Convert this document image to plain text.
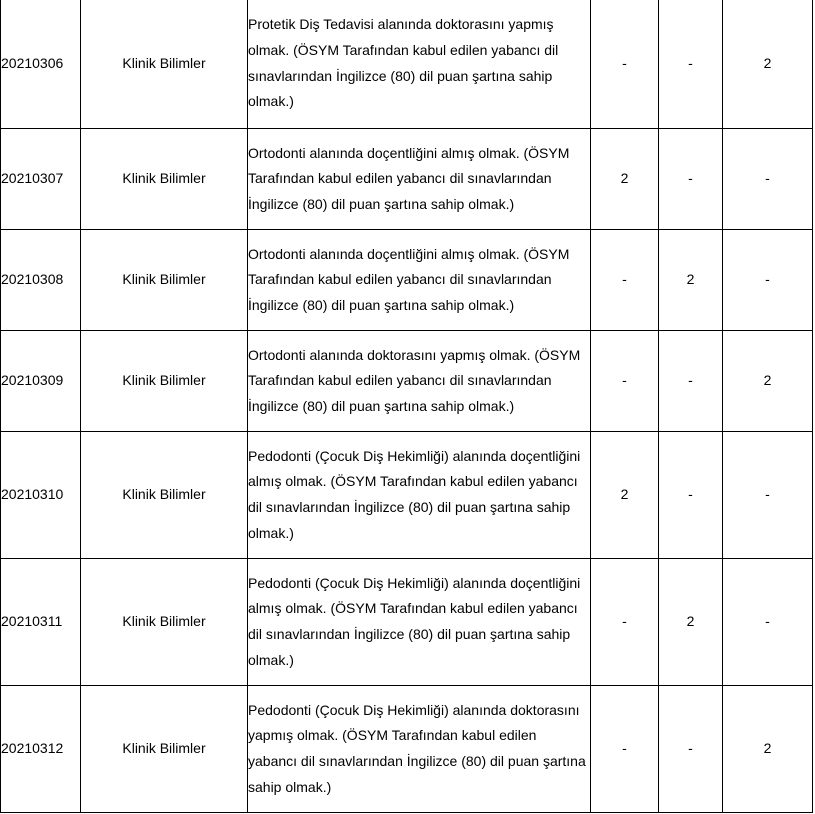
20210306	Klinik Bilimler	Protetik Diş Tedavisi alanında doktorasını yapmış
olmak. (ÖSYM Tarafından kabul edilen yabancı dil
sınavlarından İngilizce (80) dil puan şartına sahip
olmak.)	-	-	2
20210307	Klinik Bilimler	Ortodonti alanında doçentliğini almış olmak. (ÖSYM
Tarafından kabul edilen yabancı dil sınavlarından
İngilizce (80) dil puan şartına sahip olmak.)	2	-	-
20210308	Klinik Bilimler	Ortodonti alanında doçentliğini almış olmak. (ÖSYM
Tarafından kabul edilen yabancı dil sınavlarından
İngilizce (80) dil puan şartına sahip olmak.)	-	2	-
20210309	Klinik Bilimler	Ortodonti alanında doktorasını yapmış olmak. (ÖSYM
Tarafından kabul edilen yabancı dil sınavlarından
İngilizce (80) dil puan şartına sahip olmak.)	-	-	2
20210310	Klinik Bilimler	Pedodonti (Çocuk Diş Hekimliği) alanında doçentliğini
almış olmak. (ÖSYM Tarafından kabul edilen yabancı
dil sınavlarından İngilizce (80) dil puan şartına sahip
olmak.)	2	-	-
20210311	Klinik Bilimler	Pedodonti (Çocuk Diş Hekimliği) alanında doçentliğini
almış olmak. (ÖSYM Tarafından kabul edilen yabancı
dil sınavlarından İngilizce (80) dil puan şartına sahip
olmak.)	-	2	-
20210312	Klinik Bilimler	Pedodonti (Çocuk Diş Hekimliği) alanında doktorasını
yapmış olmak. (ÖSYM Tarafından kabul edilen
yabancı dil sınavlarından İngilizce (80) dil puan şartına
sahip olmak.)	-	-	2
